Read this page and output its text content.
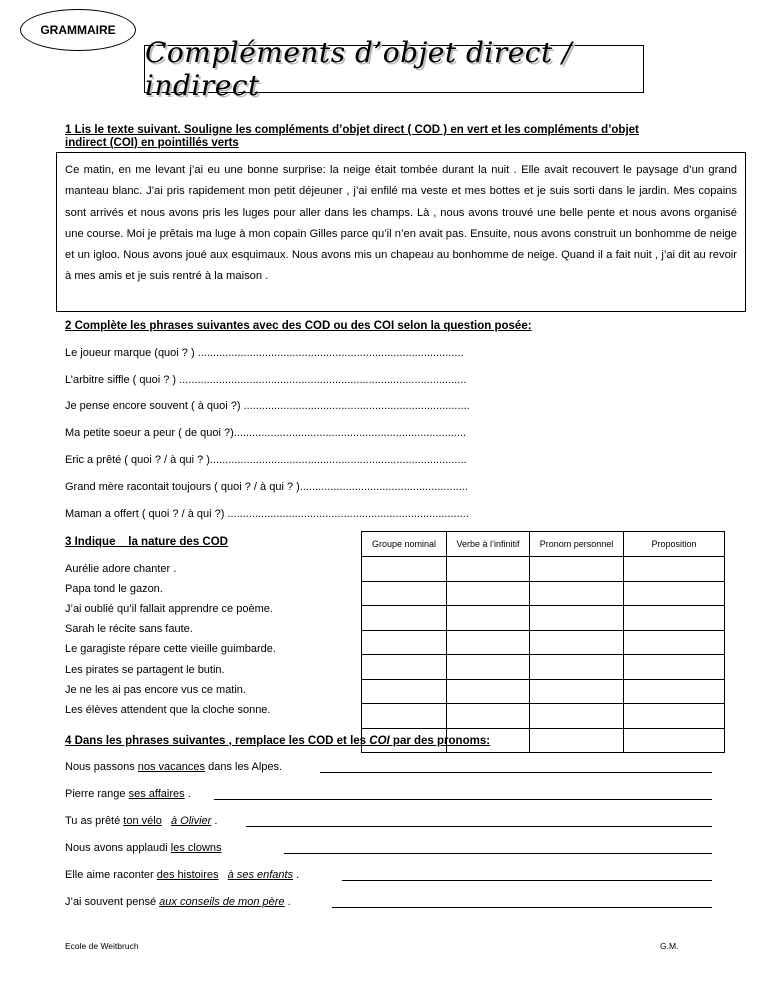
GRAMMAIRE
Compléments d’objet direct / indirect
1 Lis le texte suivant. Souligne les compléments d’objet direct ( COD ) en vert et les compléments d’objet
indirect (COI) en pointillés verts
Ce matin, en me levant j’ai eu une bonne surprise: la neige était tombée durant la nuit . Elle avait recouvert le paysage d’un grand manteau blanc. J’ai pris rapidement mon petit déjeuner , j’ai enfilé ma veste et mes bottes et je suis sorti dans le jardin. Mes copains sont arrivés et nous avons pris les luges pour aller dans les champs. Là , nous avons trouvé une belle pente et nous avons organisé une course. Moi je prêtais ma luge à mon copain Gilles parce qu’il n’en avait pas. Ensuite, nous avons construit un bonhomme de neige et un igloo. Nous avons joué aux esquimaux. Nous avons mis un chapeau au bonhomme de neige. Quand il a fait nuit , j’ai dit au revoir à mes amis et je suis rentré à la maison .
2 Complète les phrases suivantes avec des COD ou des COI selon la question posée:
Le joueur marque (quoi ? ) .......................................................................................
L’arbitre siffle ( quoi ? ) ..............................................................................................
Je pense encore souvent ( à quoi ?) ..........................................................................
Ma petite soeur a peur ( de quoi ?)............................................................................
Eric a prêté ( quoi ? / à qui ? )....................................................................................
Grand mère racontait toujours ( quoi ? / à qui ? ).......................................................
Maman a offert ( quoi ? / à qui ?) ...............................................................................
3 Indique la nature des COD	Groupe nominal	Verbe à l’infinitif	Pronom personnel	Proposition

Aurélie adore chanter .
Papa tond le gazon.
J’ai oublié qu’il fallait apprendre ce poème.
Sarah le récite sans faute.
Le garagiste répare cette vieille guimbarde.
Les pirates se partagent le butin.
Je ne les ai pas encore vus ce matin.
Les élèves attendent que la cloche sonne.
4 Dans les phrases suivantes , remplace les COD et les COI par des pronoms:
Nous passons nos vacances dans les Alpes.
Pierre range ses affaires .
Tu as prêté ton vélo à Olivier .
Nous avons applaudi les clowns
Elle aime raconter des histoires à ses enfants .
J’ai souvent pensé aux conseils de mon père .
Ecole de Weitbruch	G.M.
